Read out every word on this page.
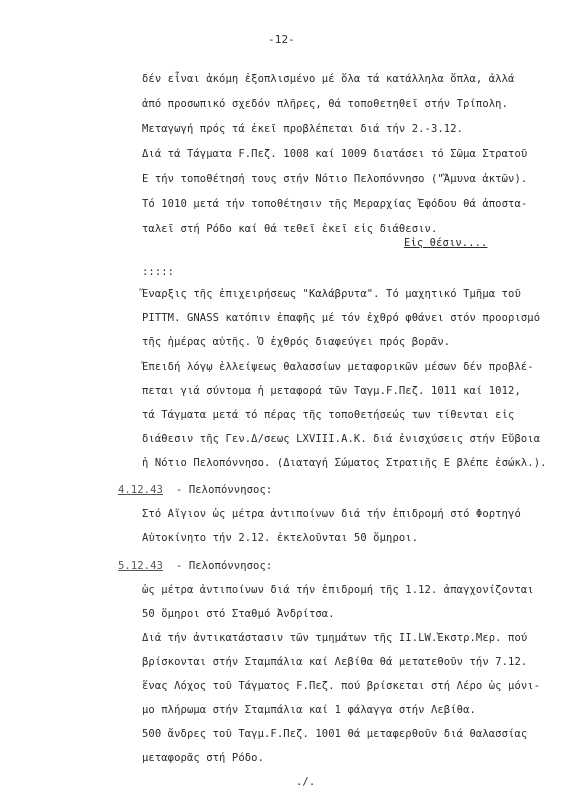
-12-
δέν εἶναι ἀκόμη ἐξοπλισμένο μέ ὅλα τά κατάλληλα ὅπλα, ἀλλά
ἀπό προσωπικό σχεδόν πλῆρες, θά τοποθετηθεῖ στήν Τρίπολη.
Μεταγωγή πρός τά ἐκεῖ προβλέπεται διά τήν 2.-3.12.
Διά τά Τάγματα F.Πεζ. 1008 καί 1009 διατάσει τό Σῶμα Στρατοῦ
Ε τήν τοποθέτησή τους στήν Νότιο Πελοπόννησο ("Ἄμυνα ἀκτῶν).
Τό 1010 μετά τήν τοποθέτησιν τῆς Μεραρχίας Ἐφόδου θά ἀποστα-
ταλεῖ στή Ρόδο καί θά τεθεῖ ἐκεῖ εἰς διάθεσιν.
Εἰς θέσιν....
:::::
Ἔναρξις τῆς ἐπιχειρήσεως "Καλάβρυτα". Τό μαχητικό Τμῆμα τοῦ
PITTM. GNASS κατόπιν ἐπαφῆς μέ τόν ἐχθρό φθάνει στόν προορισμό
τῆς ἡμέρας αὐτῆς. Ὁ ἐχθρός διαφεύγει πρός βορᾶν.
Ἐπειδή λόγῳ ἐλλείψεως θαλασσίων μεταφορικῶν μέσων δέν προβλέ-
πεται γιά σύντομα ἡ μεταφορά τῶν Ταγμ.F.Πεζ. 1011 καί 1012,
τά Τάγματα μετά τό πέρας τῆς τοποθετήσεώς των τίθενται εἰς
διάθεσιν τῆς Γεν.Δ/σεως LXVIII.A.K. διά ἐνισχύσεις στήν Εὔβοια
ἡ Νότιο Πελοπόννησο. (Διαταγή Σώματος Στρατιῆς Ε βλέπε ἐσώκλ.).
4.12.43 - Πελοπόννησος:
Στό Αἴγιον ὡς μέτρα ἀντιποίνων διά τήν ἐπιδρομή στό Φορτηγό
Αὐτοκίνητο τήν 2.12. ἐκτελοῦνται 50 ὅμηροι.
5.12.43 - Πελοπόννησος:
ὡς μέτρα ἀντιποίνων διά τήν ἐπιδρομή τῆς 1.12. ἀπαγχονίζονται
50 ὅμηροι στό Σταθμό Ἀνδρίτσα.
Διά τήν ἀντικατάστασιν τῶν τμημάτων τῆς II.LW.Ἐκστρ.Μερ. πού
βρίσκονται στήν Σταμπάλια καί Λεβίθα θά μετατεθοῦν τήν 7.12.
ἕνας Λόχος τοῦ Τάγματος F.Πεζ. πού βρίσκεται στή Λέρο ὡς μόνι-
μο πλήρωμα στήν Σταμπάλια καί 1 φάλαγγα στήν Λεβίθα.
500 ἄνδρες τοῦ Ταγμ.F.Πεζ. 1001 θά μεταφερθοῦν διά θαλασσίας
μεταφορᾶς στή Ρόδο.
./.
